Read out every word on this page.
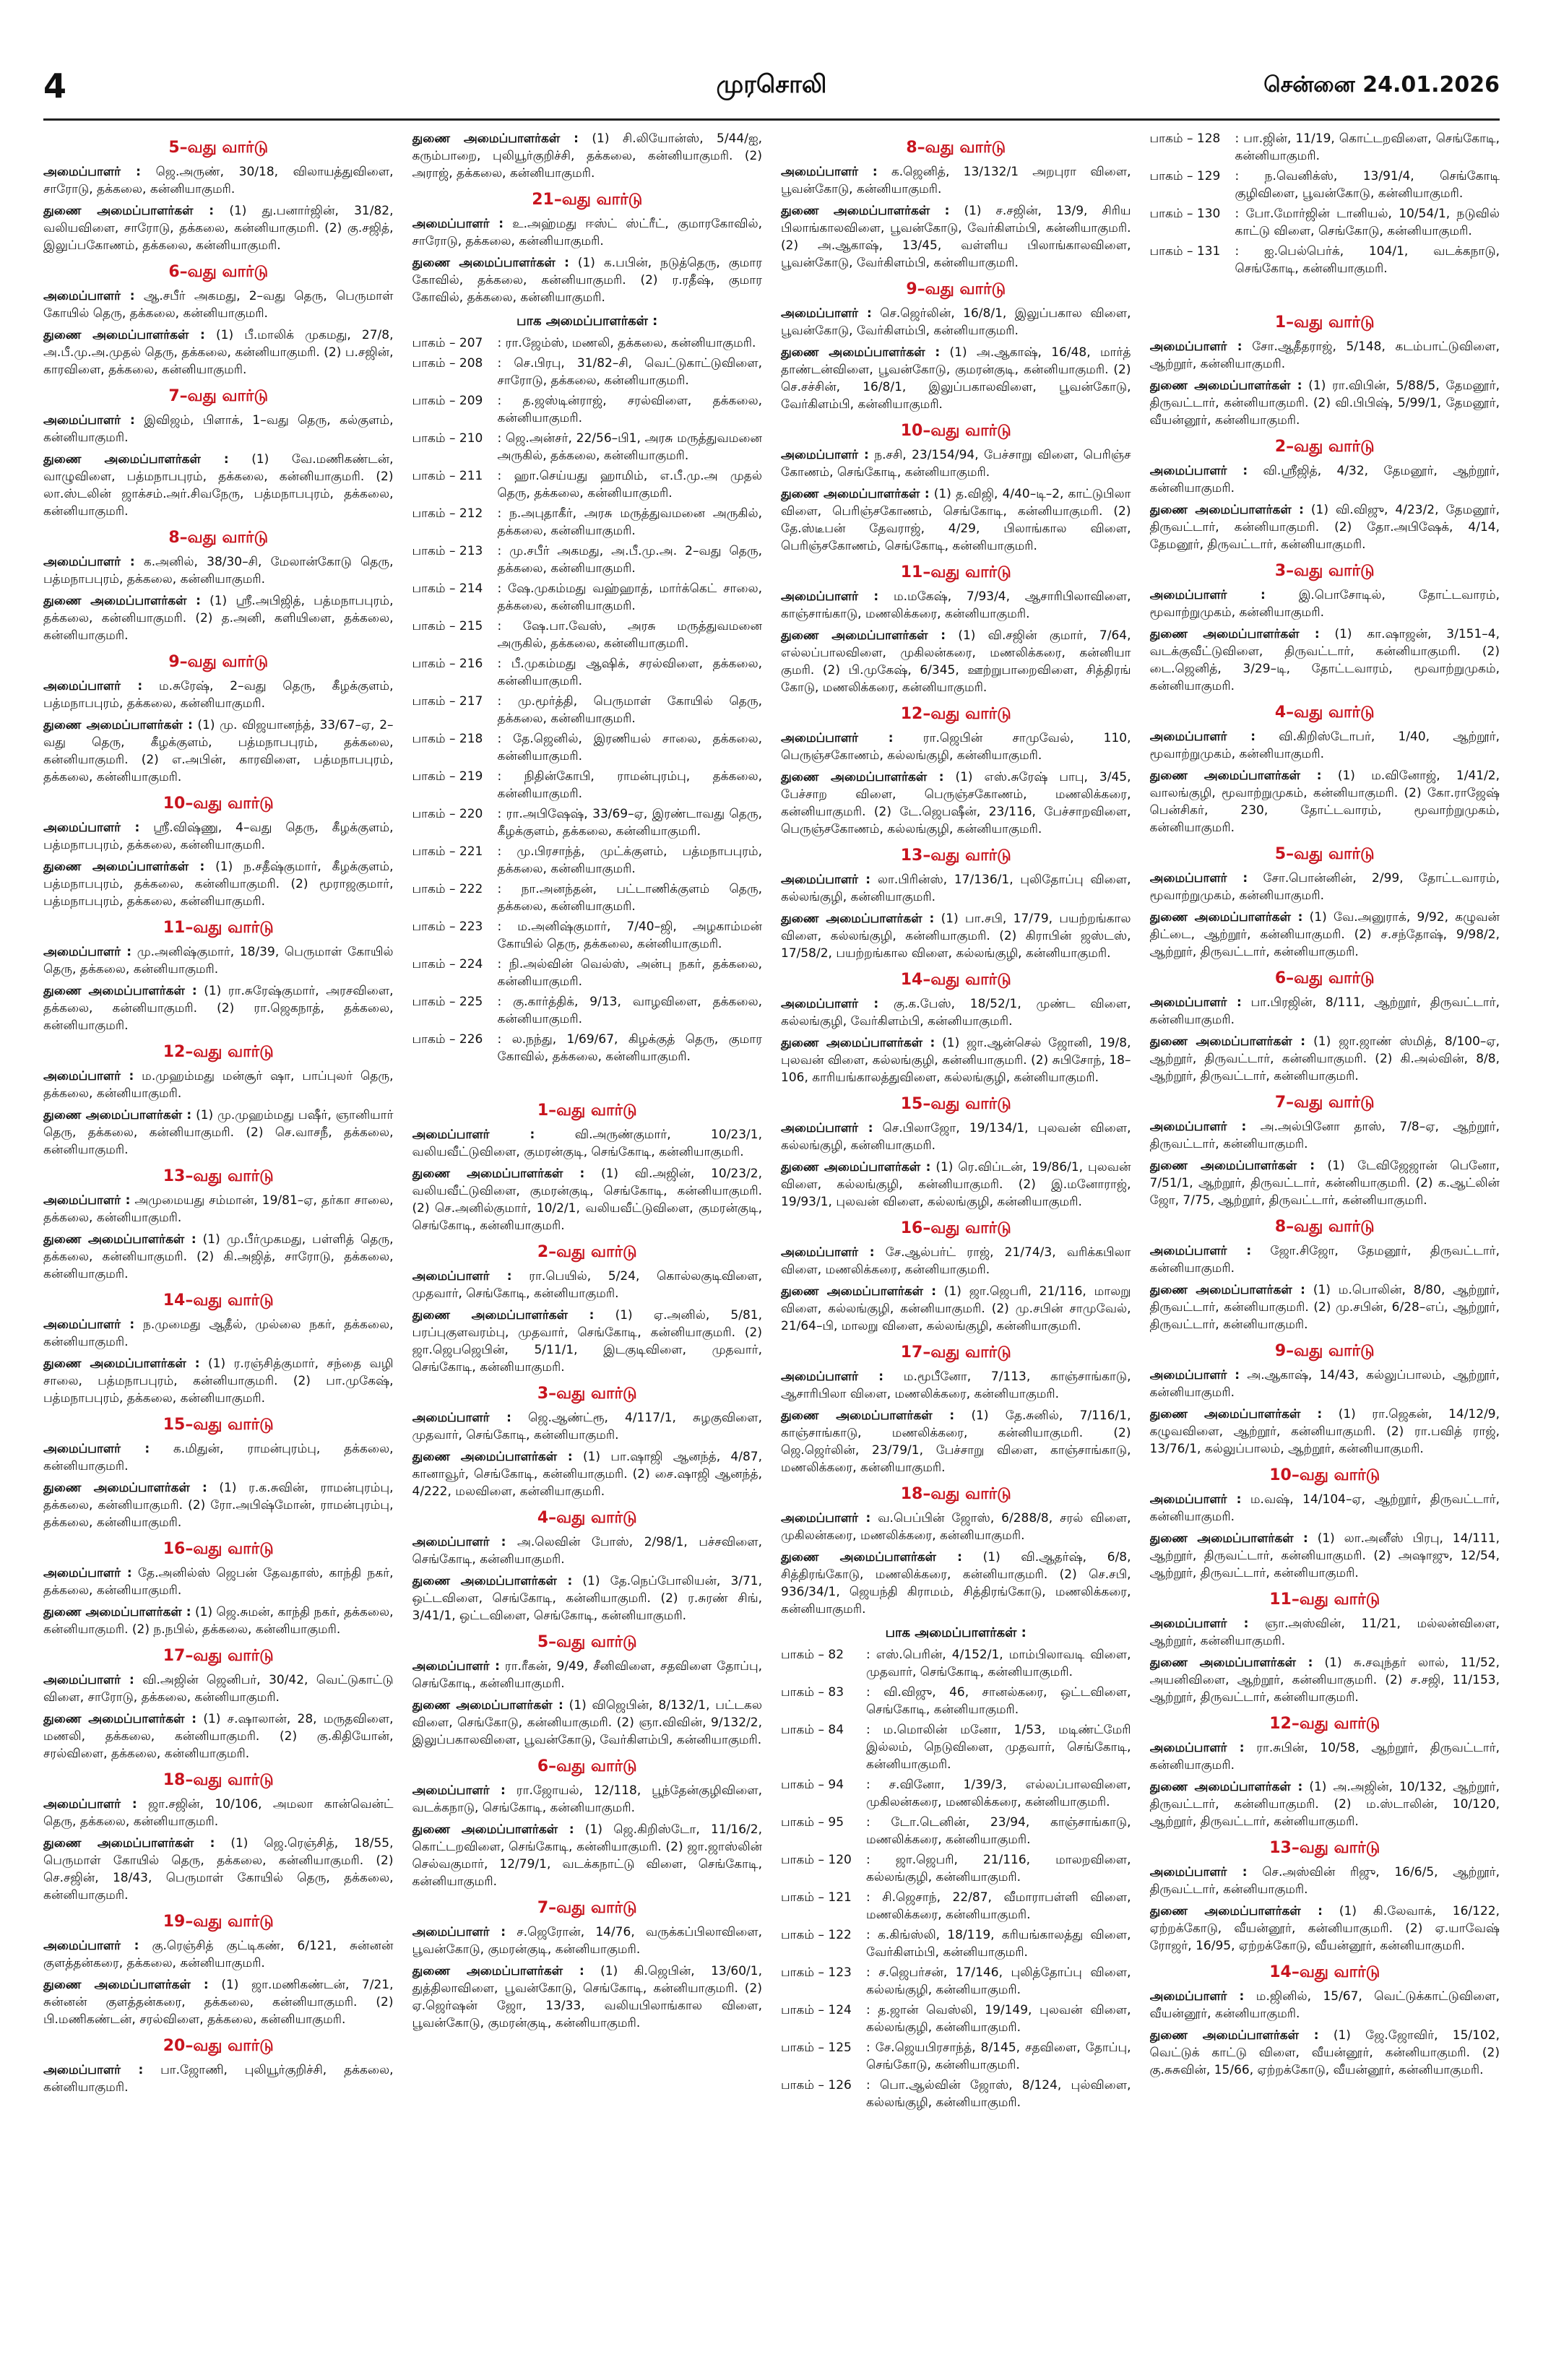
4	முரசொலி	சென்னை 24.01.2026
5–வது வார்டு
அமைப்பாளர் : ஜெ.அருண், 30/18, விலாயத்துவிளை, சாரோடு, தக்கலை, கன்னியாகுமரி.
துணை அமைப்பாளர்கள் : (1) து.பனார்ஜின், 31/82, வலியவிளை, சாரோடு, தக்கலை, கன்னியாகுமரி. (2) கு.சஜித், இலுப்பகோணம், தக்கலை, கன்னியாகுமரி.
6–வது வார்டு
அமைப்பாளர் : ஆ.சபீர் அகமது, 2–வது தெரு, பெருமாள் கோயில் தெரு, தக்கலை, கன்னியாகுமரி.
துணை அமைப்பாளர்கள் : (1) பீ.மாலிக் முகமது, 27/8, அ.பீ.மு.அ.முதல் தெரு, தக்கலை, கன்னியாகுமரி. (2) ப.சஜின், காரவிளை, தக்கலை, கன்னியாகுமரி.
7–வது வார்டு
அமைப்பாளர் : இவிஜம், பிளாக், 1–வது தெரு, கல்குளம், கன்னியாகுமரி.
துணை அமைப்பாளர்கள் : (1) வே.மணிகண்டன், வாழுவிளை, பத்மநாபபுரம், தக்கலை, கன்னியாகுமரி. (2) லா.ஸ்டலின் ஜாக்சம்.அர்.சிவநேரு, பத்மநாபபுரம், தக்கலை, கன்னியாகுமரி.
8–வது வார்டு
அமைப்பாளர் : க.அனில், 38/30–சி, மேலான்கோடு தெரு, பத்மநாபபுரம், தக்கலை, கன்னியாகுமரி.
துணை அமைப்பாளர்கள் : (1) ஸ்ரீ.அபிஜித், பத்மநாபபுரம், தக்கலை, கன்னியாகுமரி. (2) த.அனி, களியிளை, தக்கலை, கன்னியாகுமரி.
9–வது வார்டு
அமைப்பாளர் : ம.சுரேஷ், 2–வது தெரு, கீழக்குளம், பத்மநாபபுரம், தக்கலை, கன்னியாகுமரி.
துணை அமைப்பாளர்கள் : (1) மு. விஜயானந்த், 33/67–ஏ, 2–வது தெரு, கீழக்குளம், பத்மநாபபுரம், தக்கலை, கன்னியாகுமரி. (2) எ.அபின், காரவிளை, பத்மநாபபுரம், தக்கலை, கன்னியாகுமரி.
10–வது வார்டு
அமைப்பாளர் : ஸ்ரீ.விஷ்ணு, 4–வது தெரு, கீழக்குளம், பத்மநாபபுரம், தக்கலை, கன்னியாகுமரி.
துணை அமைப்பாளர்கள் : (1) ந.சதீஷ்குமார், கீழக்குளம், பத்மநாபபுரம், தக்கலை, கன்னியாகுமரி. (2) மூராஜகுமார், பத்மநாபபுரம், தக்கலை, கன்னியாகுமரி.
11–வது வார்டு
அமைப்பாளர் : மு.அனிஷ்குமார், 18/39, பெருமாள் கோயில் தெரு, தக்கலை, கன்னியாகுமரி.
துணை அமைப்பாளர்கள் : (1) ரா.சுரேஷ்குமார், அரசவிளை, தக்கலை, கன்னியாகுமரி. (2) ரா.ஜெகநாத், தக்கலை, கன்னியாகுமரி.
12–வது வார்டு
அமைப்பாளர் : ம.முஹம்மது மன்சூர் ஷா, பாப்புலர் தெரு, தக்கலை, கன்னியாகுமரி.
துணை அமைப்பாளர்கள் : (1) மு.முஹம்மது பஷீர், ஞானியார் தெரு, தக்கலை, கன்னியாகுமரி. (2) செ.வாசநீ, தக்கலை, கன்னியாகுமரி.
13–வது வார்டு
அமைப்பாளர் : அமுமையது சம்மான், 19/81–ஏ, தர்கா சாலை, தக்கலை, கன்னியாகுமரி.
துணை அமைப்பாளர்கள் : (1) மு.பீர்முகமது, பள்ளித் தெரு, தக்கலை, கன்னியாகுமரி. (2) கி.அஜித், சாரோடு, தக்கலை, கன்னியாகுமரி.
14–வது வார்டு
அமைப்பாளர் : ந.முமைது ஆதீல், முல்லை நகர், தக்கலை, கன்னியாகுமரி.
துணை அமைப்பாளர்கள் : (1) ர.ரஞ்சித்குமார், சந்தை வழி சாலை, பத்மநாபபுரம், கன்னியாகுமரி. (2) பா.முகேஷ், பத்மநாபபுரம், தக்கலை, கன்னியாகுமரி.
15–வது வார்டு
அமைப்பாளர் : க.மிதுன், ராமன்புரம்பு, தக்கலை, கன்னியாகுமரி.
துணை அமைப்பாளர்கள் : (1) ர.க.சுவின், ராமன்புரம்பு, தக்கலை, கன்னியாகுமரி. (2) ரோ.அபிஷ்மோன், ராமன்புரம்பு, தக்கலை, கன்னியாகுமரி.
16–வது வார்டு
அமைப்பாளர் : தே.அனில்ஸ் ஜெபன் தேவதாஸ், காந்தி நகர், தக்கலை, கன்னியாகுமரி.
துணை அமைப்பாளர்கள் : (1) ஜெ.சுமன், காந்தி நகர், தக்கலை, கன்னியாகுமரி. (2) ந.நபில், தக்கலை, கன்னியாகுமரி.
17–வது வார்டு
அமைப்பாளர் : வி.அஜின் ஜெனிபர், 30/42, வெட்டுகாட்டு விளை, சாரோடு, தக்கலை, கன்னியாகுமரி.
துணை அமைப்பாளர்கள் : (1) ச.ஷாலான், 28, மருதவிளை, மணலி, தக்கலை, கன்னியாகுமரி. (2) கு.கிதியோன், சரல்விளை, தக்கலை, கன்னியாகுமரி.
18–வது வார்டு
அமைப்பாளர் : ஜா.சஜின், 10/106, அமலா கான்வென்ட் தெரு, தக்கலை, கன்னியாகுமரி.
துணை அமைப்பாளர்கள் : (1) ஜெ.ரெஞ்சித், 18/55, பெருமாள் கோயில் தெரு, தக்கலை, கன்னியாகுமரி. (2) செ.சஜின், 18/43, பெருமாள் கோயில் தெரு, தக்கலை, கன்னியாகுமரி.
19–வது வார்டு
அமைப்பாளர் : கு.ரெஞ்சித் குட்டிகண், 6/121, சுன்னன் குளத்தன்கரை, தக்கலை, கன்னியாகுமரி.
துணை அமைப்பாளர்கள் : (1) ஜா.மணிகண்டன், 7/21, சுன்னன் குளத்தன்கரை, தக்கலை, கன்னியாகுமரி. (2) பி.மணிகண்டன், சரல்விளை, தக்கலை, கன்னியாகுமரி.
20–வது வார்டு
அமைப்பாளர் : பா.ஜோணி, புலியூர்குறிச்சி, தக்கலை, கன்னியாகுமரி.
துணை அமைப்பாளர்கள் : (1) சி.லியோன்ஸ், 5/44/ஐ, கரும்பாறை, புலியூர்குறிச்சி, தக்கலை, கன்னியாகுமரி. (2) அராஜ், தக்கலை, கன்னியாகுமரி.
21–வது வார்டு
அமைப்பாளர் : உ.அஹ்மது ஈஸ்ட் ஸ்ட்ரீட், குமாரகோவில், சாரோடு, தக்கலை, கன்னியாகுமரி.
துணை அமைப்பாளர்கள் : (1) க.பபின், நடுத்தெரு, குமார கோவில், தக்கலை, கன்னியாகுமரி. (2) ர.ரதீஷ், குமார கோவில், தக்கலை, கன்னியாகுமரி.
பாக அமைப்பாளர்கள் :
பாகம் – 207	: ரா.ஜேம்ஸ், மணலி, தக்கலை, கன்னியாகுமரி.
பாகம் – 208	: செ.பிரபு, 31/82–சி, வெட்டுகாட்டுவிளை, சாரோடு, தக்கலை, கன்னியாகுமரி.
பாகம் – 209	: த.ஜஸ்டின்ராஜ், சரல்விளை, தக்கலை, கன்னியாகுமரி.
பாகம் – 210	: ஜெ.அன்சர், 22/56–பி1, அரசு மருத்துவமனை அருகில், தக்கலை, கன்னியாகுமரி.
பாகம் – 211	: ஹா.செய்யது ஹாமிம், எ.பீ.மு.அ முதல் தெரு, தக்கலை, கன்னியாகுமரி.
பாகம் – 212	: ந.அபுதாகீர், அரசு மருத்துவமனை அருகில், தக்கலை, கன்னியாகுமரி.
பாகம் – 213	: மு.சபீர் அகமது, அ.பீ.மு.அ. 2–வது தெரு, தக்கலை, கன்னியாகுமரி.
பாகம் – 214	: ஷே.முகம்மது வஹ்ஹாத், மார்க்கெட் சாலை, தக்கலை, கன்னியாகுமரி.
பாகம் – 215	: ஷே.பா.வேஸ், அரசு மருத்துவமனை அருகில், தக்கலை, கன்னியாகுமரி.
பாகம் – 216	: பீ.முகம்மது ஆஷிக், சரல்விளை, தக்கலை, கன்னியாகுமரி.
பாகம் – 217	: மு.மூர்த்தி, பெருமாள் கோயில் தெரு, தக்கலை, கன்னியாகுமரி.
பாகம் – 218	: தே.ஜெனில், இரணியல் சாலை, தக்கலை, கன்னியாகுமரி.
பாகம் – 219	: நிதின்கோபி, ராமன்புரம்பு, தக்கலை, கன்னியாகுமரி.
பாகம் – 220	: ரா.அபிஷேஷ், 33/69–ஏ, இரண்டாவது தெரு, கீழக்குளம், தக்கலை, கன்னியாகுமரி.
பாகம் – 221	: மு.பிரசாந்த், முட்க்குளம், பத்மநாபபுரம், தக்கலை, கன்னியாகுமரி.
பாகம் – 222	: நா.அனந்தன், பட்டாணிக்குளம் தெரு, தக்கலை, கன்னியாகுமரி.
பாகம் – 223	: ம.அனிஷ்குமார், 7/40–ஜி, அழகாம்மன் கோயில் தெரு, தக்கலை, கன்னியாகுமரி.
பாகம் – 224	: நி.அல்வின் வெல்ஸ், அன்பு நகர், தக்கலை, கன்னியாகுமரி.
பாகம் – 225	: கு.கார்த்திக், 9/13, வாழவிளை, தக்கலை, கன்னியாகுமரி.
பாகம் – 226	: ல.நந்து, 1/69/67, கிழக்குத் தெரு, குமார கோவில், தக்கலை, கன்னியாகுமரி.
1–வது வார்டு
அமைப்பாளர் :	வி.அருண்குமார், 10/23/1, வலியவீட்டுவிளை, குமரன்குடி, செங்கோடி, கன்னியாகுமரி.
துணை அமைப்பாளர்கள் : (1) வி.அஜின், 10/23/2, வலியவீட்டுவிளை, குமரன்குடி, செங்கோடி, கன்னியாகுமரி. (2) செ.அனில்குமார், 10/2/1, வலியவீட்டுவிளை, குமரன்குடி, செங்கோடி, கன்னியாகுமரி.
2–வது வார்டு
அமைப்பாளர் : ரா.பெயில், 5/24, கொல்லகுடிவிளை, முதவார், செங்கோடி, கன்னியாகுமரி.
துணை அமைப்பாளர்கள் : (1) ஏ.அனில், 5/81, பரப்புகுளவரம்பு, முதவார், செங்கோடி, கன்னியாகுமரி. (2) ஜா.ஜெபஜெபின், 5/11/1, இடகுடிவிளை, முதவார், செங்கோடி, கன்னியாகுமரி.
3–வது வார்டு
அமைப்பாளர் : ஜெ.ஆண்ட்ரூ, 4/117/1, சுழகுவிளை, முதவார், செங்கோடி, கன்னியாகுமரி.
துணை அமைப்பாளர்கள் : (1) பா.ஷாஜி ஆனந்த், 4/87, கானாவூர், செங்கோடி, கன்னியாகுமரி. (2) சை.ஷாஜி ஆனந்த், 4/222, மலவிளை, கன்னியாகுமரி.
4–வது வார்டு
அமைப்பாளர் : அ.லெவின் போஸ், 2/98/1, பச்சவிளை, செங்கோடி, கன்னியாகுமரி.
துணை அமைப்பாளர்கள் : (1) தே.நெப்போலியன், 3/71, ஒட்டவிளை, செங்கோடி, கன்னியாகுமரி. (2) ர.சுரண் சிங், 3/41/1, ஒட்டவிளை, செங்கோடி, கன்னியாகுமரி.
5–வது வார்டு
அமைப்பாளர் : ரா.ரீகன், 9/49, சீனிவிளை, சதவிளை தோப்பு, செங்கோடி, கன்னியாகுமரி.
துணை அமைப்பாளர்கள் : (1) விஜெபின், 8/132/1, பட்டகல விளை, செங்கோடு, கன்னியாகுமரி. (2) ஞா.விவின், 9/132/2, இலுப்பகாலவிளை, பூவன்கோடு, வேர்கிளம்பி, கன்னியாகுமரி.
6–வது வார்டு
அமைப்பாளர் : ரா.ஜோயல், 12/118, பூந்தேன்குழிவிளை, வடக்கநாடு, செங்கோடி, கன்னியாகுமரி.
துணை அமைப்பாளர்கள் : (1) ஜெ.கிறிஸ்டோ, 11/16/2, கொட்டறவிளை, செங்கோடி, கன்னியாகுமரி. (2) ஜா.ஜாஸ்லின் செல்வகுமார், 12/79/1, வடக்கநாட்டு விளை, செங்கோடி, கன்னியாகுமரி.
7–வது வார்டு
அமைப்பாளர் : ச.ஜெரோன், 14/76, வருக்கப்பிலாவிளை, பூவன்கோடு, குமரன்குடி, கன்னியாகுமரி.
துணை அமைப்பாளர்கள் : (1) கி.ஜெபின், 13/60/1, துத்திலாவிளை, பூவன்கோடு, செங்கோடி, கன்னியாகுமரி. (2) ஏ.ஜெர்ஷன் ஜோ, 13/33, வலியபிலாங்கால விளை, பூவன்கோடு, குமரன்குடி, கன்னியாகுமரி.
8–வது வார்டு
அமைப்பாளர் : க.ஜெனித், 13/132/1 அறபுரா விளை, பூவன்கோடு, கன்னியாகுமரி.
துணை அமைப்பாளர்கள் : (1) ச.சஜின், 13/9, சிரிய பிலாங்காலவிளை, பூவன்கோடு, வேர்கிளம்பி, கன்னியாகுமரி. (2) அ.ஆகாஷ், 13/45, வள்ளிய பிலாங்காலவிளை, பூவன்கோடு, வேர்கிளம்பி, கன்னியாகுமரி.
9–வது வார்டு
அமைப்பாளர் : செ.ஜெர்லின், 16/8/1, இலுப்பகால விளை, பூவன்கோடு, வேர்கிளம்பி, கன்னியாகுமரி.
துணை அமைப்பாளர்கள் : (1) அ.ஆகாஷ், 16/48, மார்த் தாண்டன்விளை, பூவன்கோடு, குமரன்குடி, கன்னியாகுமரி. (2) செ.சச்சின், 16/8/1, இலுப்பகாலவிளை, பூவன்கோடு, வேர்கிளம்பி, கன்னியாகுமரி.
10–வது வார்டு
அமைப்பாளர் : ந.சசி, 23/154/94, பேச்சாறு விளை, பெரிஞ்ச கோணம், செங்கோடி, கன்னியாகுமரி.
துணை அமைப்பாளர்கள் : (1) த.விஜி, 4/40–டி–2, காட்டுபிலா விளை, பெரிஞ்சகோணம், செங்கோடி, கன்னியாகுமரி. (2) தே.ஸ்டீபன் தேவராஜ், 4/29, பிலாங்கால விளை, பெரிஞ்சகோணம், செங்கோடி, கன்னியாகுமரி.
11–வது வார்டு
அமைப்பாளர் : ம.மகேஷ், 7/93/4, ஆசாரிபிலாவிளை, காஞ்சாங்காடு, மணலிக்கரை, கன்னியாகுமரி.
துணை அமைப்பாளர்கள் : (1) வி.சஜின் குமார், 7/64, எல்லப்பாலவிளை, முகிலன்கரை, மணலிக்கரை, கன்னியா குமரி. (2) பி.முகேஷ், 6/345, ஊற்றுபாறைவிளை, சித்திரங் கோடு, மணலிக்கரை, கன்னியாகுமரி.
12–வது வார்டு
அமைப்பாளர் : ரா.ஜெபின் சாமுவேல், 110, பெருஞ்சகோணம், கல்லங்குழி, கன்னியாகுமரி.
துணை அமைப்பாளர்கள் : (1) எஸ்.சுரேஷ் பாபு, 3/45, பேச்சாற விளை, பெருஞ்சகோணம், மணலிக்கரை, கன்னியாகுமரி. (2) டே.ஜெபஷீன், 23/116, பேச்சாறவிளை, பெருஞ்சகோணம், கல்லங்குழி, கன்னியாகுமரி.
13–வது வார்டு
அமைப்பாளர் : லா.பிரின்ஸ், 17/136/1, புலிதோப்பு விளை, கல்லங்குழி, கன்னியாகுமரி.
துணை அமைப்பாளர்கள் : (1) பா.சபி, 17/79, பயற்றங்கால விளை, கல்லங்குழி, கன்னியாகுமரி. (2) கிராபின் ஜஸ்டஸ், 17/58/2, பயற்றங்கால விளை, கல்லங்குழி, கன்னியாகுமரி.
14–வது வார்டு
அமைப்பாளர் : கு.க.பேஸ், 18/52/1, முண்ட விளை, கல்லங்குழி, வேர்கிளம்பி, கன்னியாகுமரி.
துணை அமைப்பாளர்கள் : (1) ஜா.ஆன்செல் ஜோனி, 19/8, புலவன் விளை, கல்லங்குழி, கன்னியாகுமரி. (2) சுபிசோந், 18–106, காரியங்காலத்துவிளை, கல்லங்குழி, கன்னியாகுமரி.
15–வது வார்டு
அமைப்பாளர் : செ.பிலாஜோ, 19/134/1, புலவன் விளை, கல்லங்குழி, கன்னியாகுமரி.
துணை அமைப்பாளர்கள் : (1) ரெ.விப்டன், 19/86/1, புலவன் விளை, கல்லங்குழி, கன்னியாகுமரி. (2) இ.மனோராஜ், 19/93/1, புலவன் விளை, கல்லங்குழி, கன்னியாகுமரி.
16–வது வார்டு
அமைப்பாளர் : சே.ஆல்பர்ட் ராஜ், 21/74/3, வரிக்கபிலா விளை, மணலிக்கரை, கன்னியாகுமரி.
துணை அமைப்பாளர்கள் : (1) ஜா.ஜெபரி, 21/116, மாலறு விளை, கல்லங்குழி, கன்னியாகுமரி. (2) மு.சபின் சாமுவேல், 21/64–பி, மாலறு விளை, கல்லங்குழி, கன்னியாகுமரி.
17–வது வார்டு
அமைப்பாளர் : ம.மூபீனோ, 7/113, காஞ்சாங்காடு, ஆசாரிபிலா விளை, மணலிக்கரை, கன்னியாகுமரி.
துணை அமைப்பாளர்கள் : (1) தே.சுனில், 7/116/1, காஞ்சாங்காடு, மணலிக்கரை, கன்னியாகுமரி. (2) ஜெ.ஜெர்லின், 23/79/1, பேச்சாறு விளை, காஞ்சாங்காடு, மணலிக்கரை, கன்னியாகுமரி.
18–வது வார்டு
அமைப்பாளர் : வ.பெப்பின் ஜோஸ், 6/288/8, சரல் விளை, முகிலன்கரை, மணலிக்கரை, கன்னியாகுமரி.
துணை அமைப்பாளர்கள் : (1) வி.ஆதர்ஷ், 6/8, சித்திரங்கோடு, மணலிக்கரை, கன்னியாகுமரி. (2) செ.சபி, 936/34/1, ஜெயந்தி கிராமம், சித்திரங்கோடு, மணலிக்கரை, கன்னியாகுமரி.
பாக அமைப்பாளர்கள் :
பாகம் – 82	: எஸ்.பெரின், 4/152/1, மாம்பிலாவடி விளை, முதவார், செங்கோடி, கன்னியாகுமரி.
பாகம் – 83	: வி.விஜு, 46, சானல்கரை, ஒட்டவிளை, செங்கோடி, கன்னியாகுமரி.
பாகம் – 84	: ம.மொலின் மனோ, 1/53, மடிண்ட்மேரி இல்லம், நெடுவிளை, முதவார், செங்கோடி, கன்னியாகுமரி.
பாகம் – 94	: ச.வினோ, 1/39/3, எல்லப்பாலவிளை, முகிலன்கரை, மணலிக்கரை, கன்னியாகுமரி.
பாகம் – 95	: டோ.டெனின், 23/94, காஞ்சாங்காடு, மணலிக்கரை, கன்னியாகுமரி.
பாகம் – 120	: ஜா.ஜெபரி, 21/116, மாலறவிளை, கல்லங்குழி, கன்னியாகுமரி.
பாகம் – 121	: சி.ஜெசாந், 22/87, வீமாராபள்ளி விளை, மணலிக்கரை, கன்னியாகுமரி.
பாகம் – 122	: க.கிங்ஸ்லி, 18/119, கரியங்காலத்து விளை, வேர்கிளம்பி, கன்னியாகுமரி.
பாகம் – 123	: ச.ஜெபர்சன், 17/146, புலித்தோப்பு விளை, கல்லங்குழி, கன்னியாகுமரி.
பாகம் – 124	: த.ஜான் வெஸ்லி, 19/149, புலவன் விளை, கல்லங்குழி, கன்னியாகுமரி.
பாகம் – 125	: சே.ஜெயபிரசாந்த், 8/145, சதவிளை, தோப்பு, செங்கோடு, கன்னியாகுமரி.
பாகம் – 126	: பொ.ஆல்வின் ஜோஸ், 8/124, புல்விளை, கல்லங்குழி, கன்னியாகுமரி.
பாகம் – 128	: பா.ஜின், 11/19, கொட்டறவிளை, செங்கோடி, கன்னியாகுமரி.
பாகம் – 129	: ந.வெனிக்ஸ், 13/91/4, செங்கோடி குழிவிளை, பூவன்கோடு, கன்னியாகுமரி.
பாகம் – 130	: போ.மோர்ஜின் டானியல், 10/54/1, நடுவில் காட்டு விளை, செங்கோடு, கன்னியாகுமரி.
பாகம் – 131	: ஐ.பெல்பெர்க், 104/1, வடக்கநாடு, செங்கோடி, கன்னியாகுமரி.
1–வது வார்டு
அமைப்பாளர் : சோ.ஆதீதராஜ், 5/148, கடம்பாட்டுவிளை, ஆற்றூர், கன்னியாகுமரி.
துணை அமைப்பாளர்கள் : (1) ரா.விபின், 5/88/5, தேமனூர், திருவட்டார், கன்னியாகுமரி. (2) வி.பிபிஷ், 5/99/1, தேமனூர், வீயன்னூர், கன்னியாகுமரி.
2–வது வார்டு
அமைப்பாளர் : வி.ஸ்ரீஜித், 4/32, தேமனூர், ஆற்றூர், கன்னியாகுமரி.
துணை அமைப்பாளர்கள் : (1) வி.விஜு, 4/23/2, தேமனூர், திருவட்டார், கன்னியாகுமரி. (2) தோ.அபிஷேக், 4/14, தேமனூர், திருவட்டார், கன்னியாகுமரி.
3–வது வார்டு
அமைப்பாளர் :	இ.பொசோடில், தோட்டவாரம், மூவாற்றுமுகம், கன்னியாகுமரி.
துணை அமைப்பாளர்கள் : (1) கா.ஷாஜன், 3/151–4, வடக்குவீட்டுவிளை, திருவட்டார், கன்னியாகுமரி. (2) டை.ஜெனித், 3/29–டி, தோட்டவாரம், மூவாற்றுமுகம், கன்னியாகுமரி.
4–வது வார்டு
அமைப்பாளர் : வி.கிறிஸ்டோபர், 1/40, ஆற்றூர், மூவாற்றுமுகம், கன்னியாகுமரி.
துணை அமைப்பாளர்கள் : (1) ம.வினோஜ், 1/41/2, வாலங்குழி, மூவாற்றுமுகம், கன்னியாகுமரி. (2) கோ.ராஜேஷ் பென்சிகர், 230, தோட்டவாரம், மூவாற்றுமுகம், கன்னியாகுமரி.
5–வது வார்டு
அமைப்பாளர் : சோ.பொன்னின், 2/99, தோட்டவாரம், மூவாற்றுமுகம், கன்னியாகுமரி.
துணை அமைப்பாளர்கள் : (1) வே.அனுராக், 9/92, கழுவன் திட்டை, ஆற்றூர், கன்னியாகுமரி. (2) ச.சந்தோஷ், 9/98/2, ஆற்றூர், திருவட்டார், கன்னியாகுமரி.
6–வது வார்டு
அமைப்பாளர் : பா.பிரஜின், 8/111, ஆற்றூர், திருவட்டார், கன்னியாகுமரி.
துணை அமைப்பாளர்கள் : (1) ஜா.ஜாண் ஸ்மித், 8/100–ஏ, ஆற்றூர், திருவட்டார், கன்னியாகுமரி. (2) கி.அல்வின், 8/8, ஆற்றூர், திருவட்டார், கன்னியாகுமரி.
7–வது வார்டு
அமைப்பாளர் : அ.அல்பினோ தாஸ், 7/8–ஏ, ஆற்றூர், திருவட்டார், கன்னியாகுமரி.
துணை அமைப்பாளர்கள் : (1) டேவிஜேஜான் பெனோ, 7/51/1, ஆற்றூர், திருவட்டார், கன்னியாகுமரி. (2) க.ஆட்லின் ஜோ, 7/75, ஆற்றூர், திருவட்டார், கன்னியாகுமரி.
8–வது வார்டு
அமைப்பாளர் : ஜோ.சிஜோ, தேமனூர், திருவட்டார், கன்னியாகுமரி.
துணை அமைப்பாளர்கள் : (1) ம.பொலின், 8/80, ஆற்றூர், திருவட்டார், கன்னியாகுமரி. (2) மு.சபின், 6/28–எப், ஆற்றூர், திருவட்டார், கன்னியாகுமரி.
9–வது வார்டு
அமைப்பாளர் : அ.ஆகாஷ், 14/43, கல்லுப்பாலம், ஆற்றூர், கன்னியாகுமரி.
துணை அமைப்பாளர்கள் : (1) ரா.ஜெகன், 14/12/9, கழுவவிளை, ஆற்றூர், கன்னியாகுமரி. (2) ரா.பவித் ராஜ், 13/76/1, கல்லுப்பாலம், ஆற்றூர், கன்னியாகுமரி.
10–வது வார்டு
அமைப்பாளர் : ம.வஷ், 14/104–ஏ, ஆற்றூர், திருவட்டார், கன்னியாகுமரி.
துணை அமைப்பாளர்கள் : (1) லா.அனீஸ் பிரபு, 14/111, ஆற்றூர், திருவட்டார், கன்னியாகுமரி. (2) அஷாஜு, 12/54, ஆற்றூர், திருவட்டார், கன்னியாகுமரி.
11–வது வார்டு
அமைப்பாளர் : ஞா.அஸ்வின், 11/21, மல்லன்விளை, ஆற்றூர், கன்னியாகுமரி.
துணை அமைப்பாளர்கள் : (1) சு.சவுந்தர் லால், 11/52, அயனிவிளை, ஆற்றூர், கன்னியாகுமரி. (2) ச.சஜி, 11/153, ஆற்றூர், திருவட்டார், கன்னியாகுமரி.
12–வது வார்டு
அமைப்பாளர் : ரா.சுபின், 10/58, ஆற்றூர், திருவட்டார், கன்னியாகுமரி.
துணை அமைப்பாளர்கள் : (1) அ.அஜின், 10/132, ஆற்றூர், திருவட்டார், கன்னியாகுமரி. (2) ம.ஸ்டாலின், 10/120, ஆற்றூர், திருவட்டார், கன்னியாகுமரி.
13–வது வார்டு
அமைப்பாளர் : செ.அஸ்வின் ரிஜு, 16/6/5, ஆற்றூர், திருவட்டார், கன்னியாகுமரி.
துணை அமைப்பாளர்கள் : (1) கி.லேவாக், 16/122, ஏற்றக்கோடு, வீயன்னூர், கன்னியாகுமரி. (2) ஏ.யாவேஷ் ரோஜர், 16/95, ஏற்றக்கோடு, வீயன்னூர், கன்னியாகுமரி.
14–வது வார்டு
அமைப்பாளர் : ம.ஜினில், 15/67, வெட்டுக்காட்டுவிளை, வீயன்னூர், கன்னியாகுமரி.
துணை அமைப்பாளர்கள் : (1) ஜே.ஜோவிர், 15/102, வெட்டுக் காட்டு விளை, வீயன்னூர், கன்னியாகுமரி. (2) கு.சுசுவின், 15/66, ஏற்றக்கோடு, வீயன்னூர், கன்னியாகுமரி.
